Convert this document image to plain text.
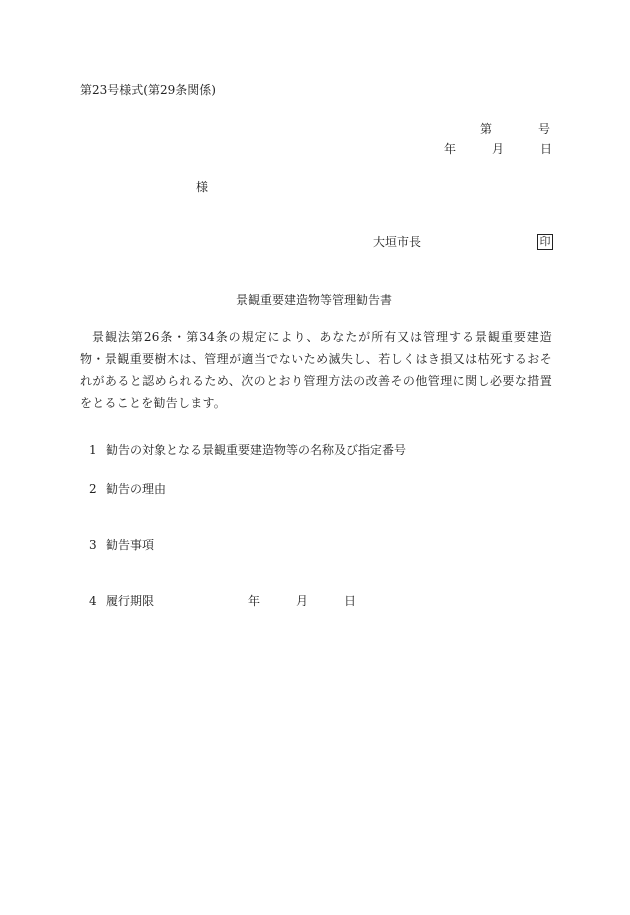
第23号様式(第29条関係)
第	号
年	月	日
様
大垣市長	印
景観重要建造物等管理勧告書

景観法第26条・第34条の規定により、あなたが所有又は管理する景観重要建造物・景観重要樹木は、管理が適当でないため滅失し、若しくはき損又は枯死するおそれがあると認められるため、次のとおり管理方法の改善その他管理に関し必要な措置をとることを勧告します。

1 勧告の対象となる景観重要建造物等の名称及び指定番号
2 勧告の理由
3 勧告事項
4 履行期限	年	月	日
